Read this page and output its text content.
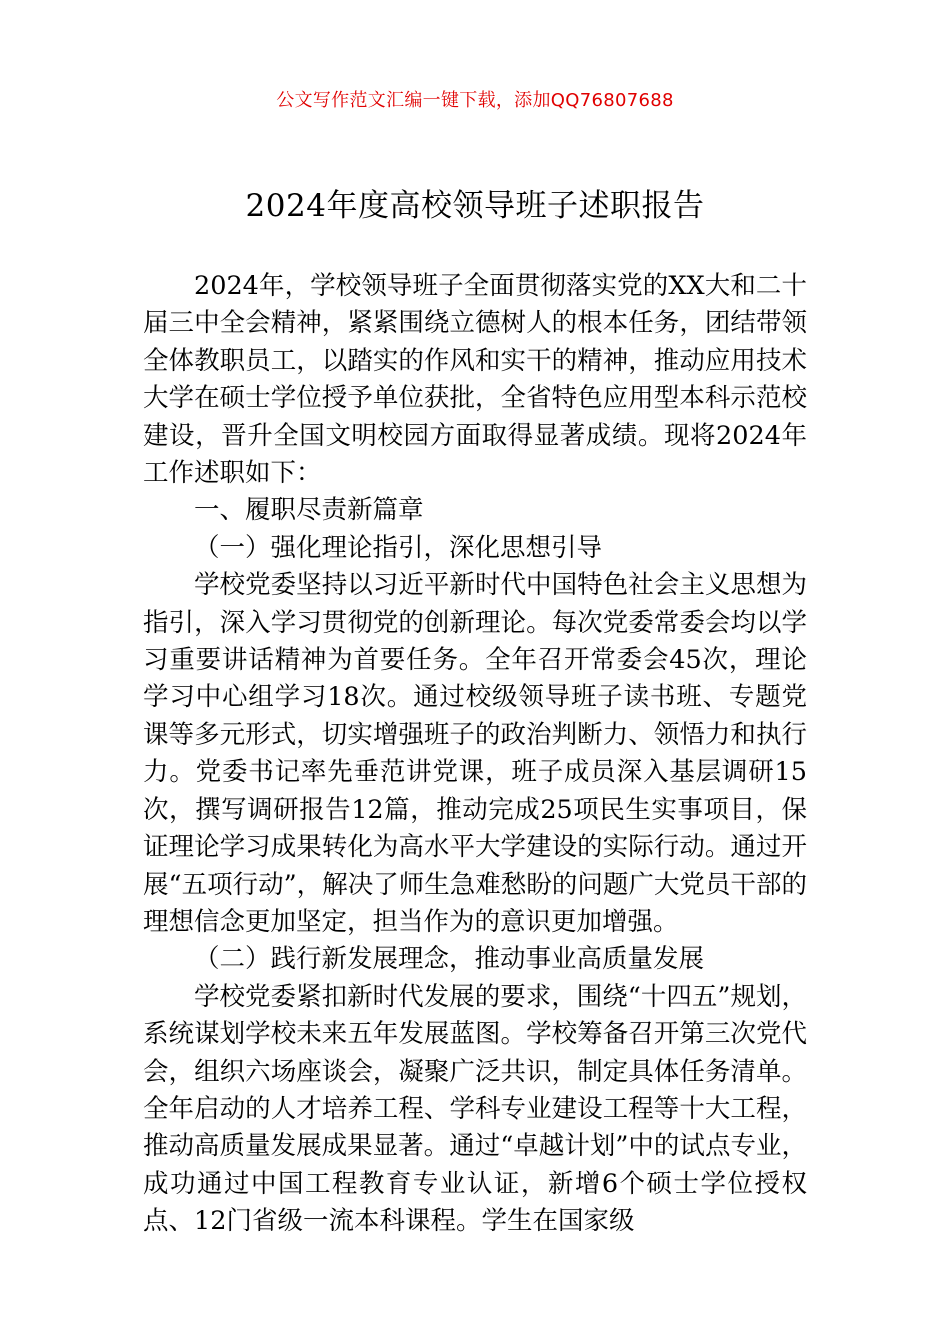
公文写作范文汇编一键下载，添加QQ76807688
2024年度高校领导班子述职报告

2024年，学校领导班子全面贯彻落实党的XX大和二十届三中全会精神，紧紧围绕立德树人的根本任务，团结带领全体教职员工，以踏实的作风和实干的精神，推动应用技术大学在硕士学位授予单位获批，全省特色应用型本科示范校建设，晋升全国文明校园方面取得显著成绩。现将2024年工作述职如下：

一、履职尽责新篇章

（一）强化理论指引，深化思想引导

学校党委坚持以习近平新时代中国特色社会主义思想为指引，深入学习贯彻党的创新理论。每次党委常委会均以学习重要讲话精神为首要任务。全年召开常委会45次，理论学习中心组学习18次。通过校级领导班子读书班、专题党课等多元形式，切实增强班子的政治判断力、领悟力和执行力。党委书记率先垂范讲党课，班子成员深入基层调研15次，撰写调研报告12篇，推动完成25项民生实事项目，保证理论学习成果转化为高水平大学建设的实际行动。通过开展“五项行动”，解决了师生急难愁盼的问题广大党员干部的理想信念更加坚定，担当作为的意识更加增强。

（二）践行新发展理念，推动事业高质量发展

学校党委紧扣新时代发展的要求，围绕“十四五”规划，系统谋划学校未来五年发展蓝图。学校筹备召开第三次党代会，组织六场座谈会，凝聚广泛共识，制定具体任务清单。全年启动的人才培养工程、学科专业建设工程等十大工程，推动高质量发展成果显著。通过“卓越计划”中的试点专业，成功通过中国工程教育专业认证，新增6个硕士学位授权点、12门省级一流本科课程。学生在国家级
